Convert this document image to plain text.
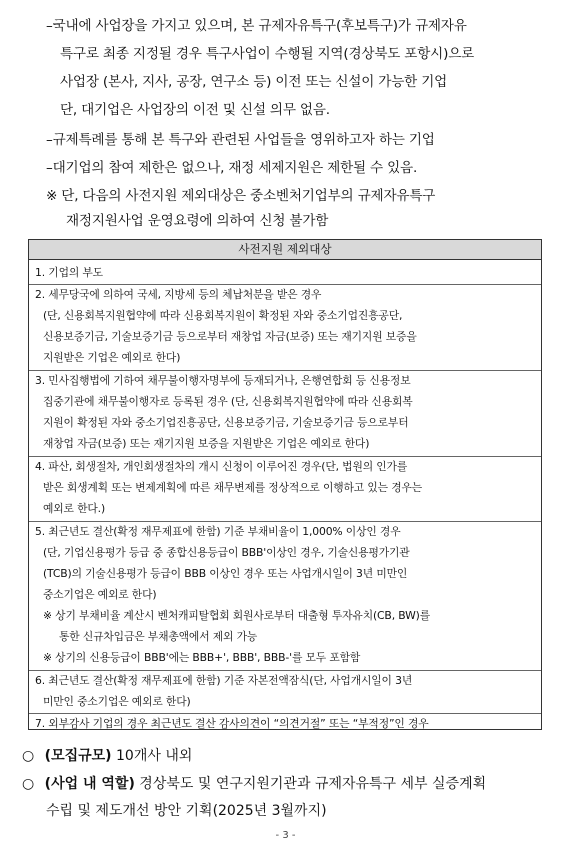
–국내에 사업장을 가지고 있으며, 본 규제자유특구(후보특구)가 규제자유
특구로 최종 지정될 경우 특구사업이 수행될 지역(경상북도 포항시)으로
사업장 (본사, 지사, 공장, 연구소 등) 이전 또는 신설이 가능한 기업
단, 대기업은 사업장의 이전 및 신설 의무 없음.
–규제특례를 통해 본 특구와 관련된 사업들을 영위하고자 하는 기업
–대기업의 참여 제한은 없으나, 재정 세제지원은 제한될 수 있음.
※ 단, 다음의 사전지원 제외대상은 중소벤처기업부의 규제자유특구
재정지원사업 운영요령에 의하여 신청 불가함
사전지원 제외대상
1. 기업의 부도
2. 세무당국에 의하여 국세, 지방세 등의 체납처분을 받은 경우
(단, 신용회복지원협약에 따라 신용회복지원이 확정된 자와 중소기업진흥공단,
신용보증기금, 기술보증기금 등으로부터 재창업 자금(보증) 또는 재기지원 보증을
지원받은 기업은 예외로 한다)
3. 민사집행법에 기하여 채무불이행자명부에 등재되거나, 은행연합회 등 신용정보
집중기관에 채무불이행자로 등록된 경우 (단, 신용회복지원협약에 따라 신용회복
지원이 확정된 자와 중소기업진흥공단, 신용보증기금, 기술보증기금 등으로부터
재창업 자금(보증) 또는 재기지원 보증을 지원받은 기업은 예외로 한다)
4. 파산, 회생절차, 개인회생절차의 개시 신청이 이루어진 경우(단, 법원의 인가를
받은 회생계획 또는 변제계획에 따른 채무변제를 정상적으로 이행하고 있는 경우는
예외로 한다.)
5. 최근년도 결산(확정 재무제표에 한함) 기준 부채비율이 1,000% 이상인 경우
(단, 기업신용평가 등급 중 종합신용등급이 BBB'이상인 경우, 기술신용평가기관
(TCB)의 기술신용평가 등급이 BBB 이상인 경우 또는 사업개시일이 3년 미만인
중소기업은 예외로 한다)
※ 상기 부채비율 계산시 벤처캐피탈협회 회원사로부터 대출형 투자유치(CB, BW)를
통한 신규차입금은 부채총액에서 제외 가능
※ 상기의 신용등급이 BBB'에는 BBB+', BBB', BBB-'를 모두 포함함
6. 최근년도 결산(확정 재무제표에 한함) 기준 자본전액잠식(단, 사업개시일이 3년
미만인 중소기업은 예외로 한다)
7. 외부감사 기업의 경우 최근년도 결산 감사의견이 “의견거절” 또는 “부적정”인 경우
○ (모집규모) 10개사 내외
○ (사업 내 역할) 경상북도 및 연구지원기관과 규제자유특구 세부 실증계획
수립 및 제도개선 방안 기획(2025년 3월까지)
- 3 -
